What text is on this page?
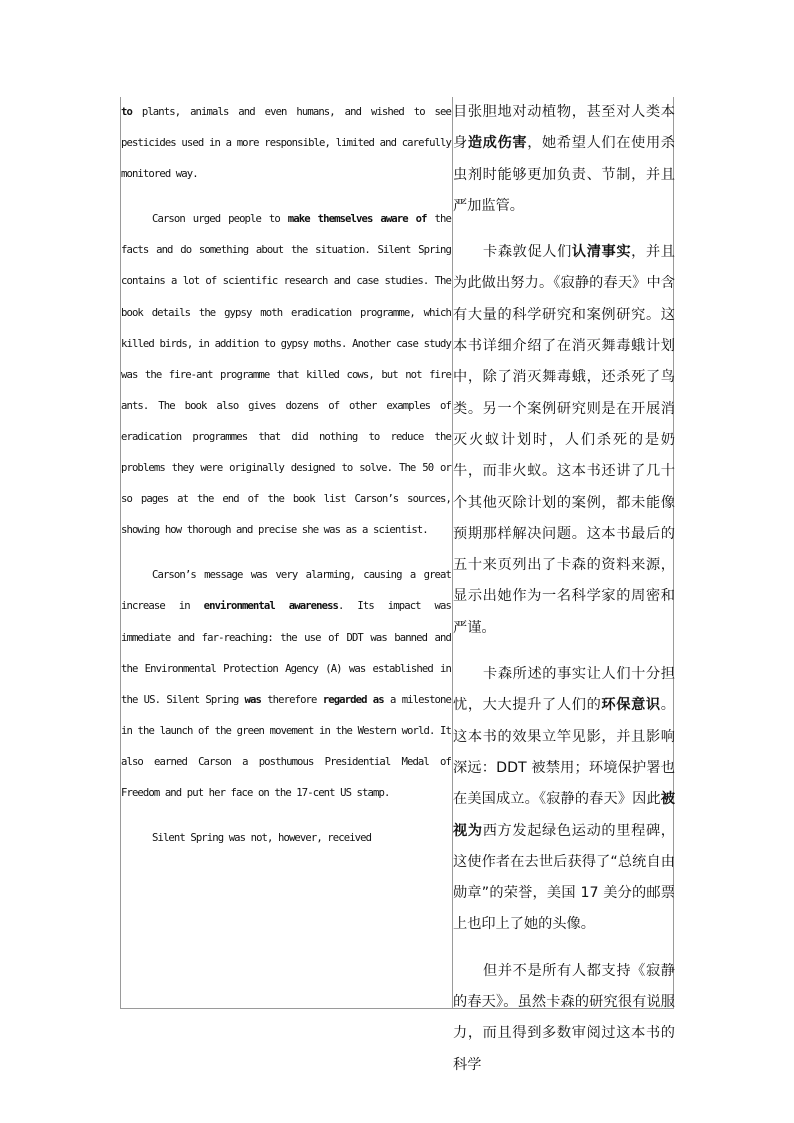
to plants, animals and even humans, and wished to see pesticides used in a more responsible, limited and carefully monitored way.

Carson urged people to make themselves aware of the facts and do something about the situation. Silent Spring contains a lot of scientific research and case studies. The book details the gypsy moth eradication programme, which killed birds, in addition to gypsy moths. Another case study was the fire-ant programme that killed cows, but not fire ants. The book also gives dozens of other examples of eradication programmes that did nothing to reduce the problems they were originally designed to solve. The 50 or so pages at the end of the book list Carson’s sources, showing how thorough and precise she was as a scientist.

Carson’s message was very alarming, causing a great increase in environmental awareness. Its impact was immediate and far-reaching: the use of DDT was banned and the Environmental Protection Agency (A) was established in the US. Silent Spring was therefore regarded as a milestone in the launch of the green movement in the Western world. It also earned Carson a posthumous Presidential Medal of Freedom and put her face on the 17-cent US stamp.

Silent Spring was not, however, received

目张胆地对动植物，甚至对人类本身造成伤害，她希望人们在使用杀虫剂时能够更加负责、节制，并且严加监管。

卡森敦促人们认清事实，并且为此做出努力。《寂静的春天》中含有大量的科学研究和案例研究。这本书详细介绍了在消灭舞毒蛾计划中，除了消灭舞毒蛾，还杀死了鸟类。另一个案例研究则是在开展消灭火蚁计划时，人们杀死的是奶牛，而非火蚁。这本书还讲了几十个其他灭除计划的案例，都未能像预期那样解决问题。这本书最后的五十来页列出了卡森的资料来源，显示出她作为一名科学家的周密和严谨。

卡森所述的事实让人们十分担忧，大大提升了人们的环保意识。这本书的效果立竿见影，并且影响深远：DDT 被禁用；环境保护署也在美国成立。《寂静的春天》因此被视为西方发起绿色运动的里程碑，这使作者在去世后获得了“总统自由勋章”的荣誉，美国 17 美分的邮票上也印上了她的头像。

但并不是所有人都支持《寂静的春天》。虽然卡森的研究很有说服力，而且得到多数审阅过这本书的科学
